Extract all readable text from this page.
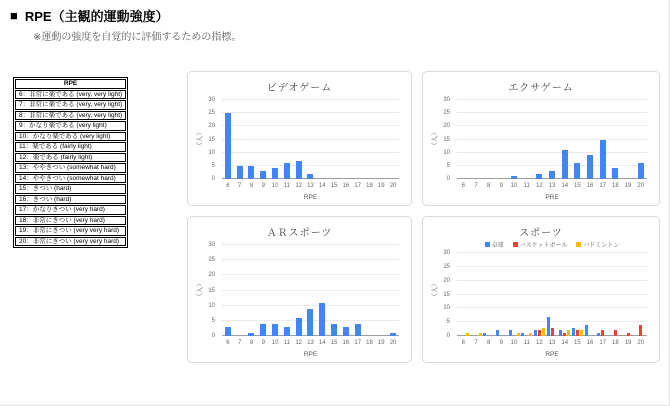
■ RPE（主観的運動強度）
※運動の強度を自覚的に評価するための指標。
RPE
6：非常に楽である (very, very light)
7：非常に楽である (very, very light)
8：非常に楽である (very, very light)
9：かなり楽である (very light)
10：かなり楽である (very light)
11：楽である (fairly light)
12：楽である (fairly light)
13：ややきつい (somewhat hard)
14：ややきつい (somewhat hard)
15：きつい (hard)
16：きつい (hard)
17：かなりきつい (very hard)
18：非常にきつい (very hard)
19：非常にきつい (very very hard)
20：非常にきつい (very very hard)
ビデオゲーム
（人）
0
5
10
15
20
25
30
6	7	8	9	10 11 12 13 14 15 16 17 18 19 20
RPE
エクサゲーム
（人）
0
5
10
15
20
25
30
6	7	8	9	10	11	12 13 14 15 16 17 18 19 20
PRE
ＡＲスポーツ
（人）
0
5
10
15
20
25
30
6	7	8	9	10 11 12 13 14 15 16 17 18 19 20
RPE
スポーツ
卓球	バスケットボール	バドミントン
（人）
0
5
10
15
20
25
30
6	7	8	9	10	11	12 13 14 15 16 17 18 19 20
RPE
